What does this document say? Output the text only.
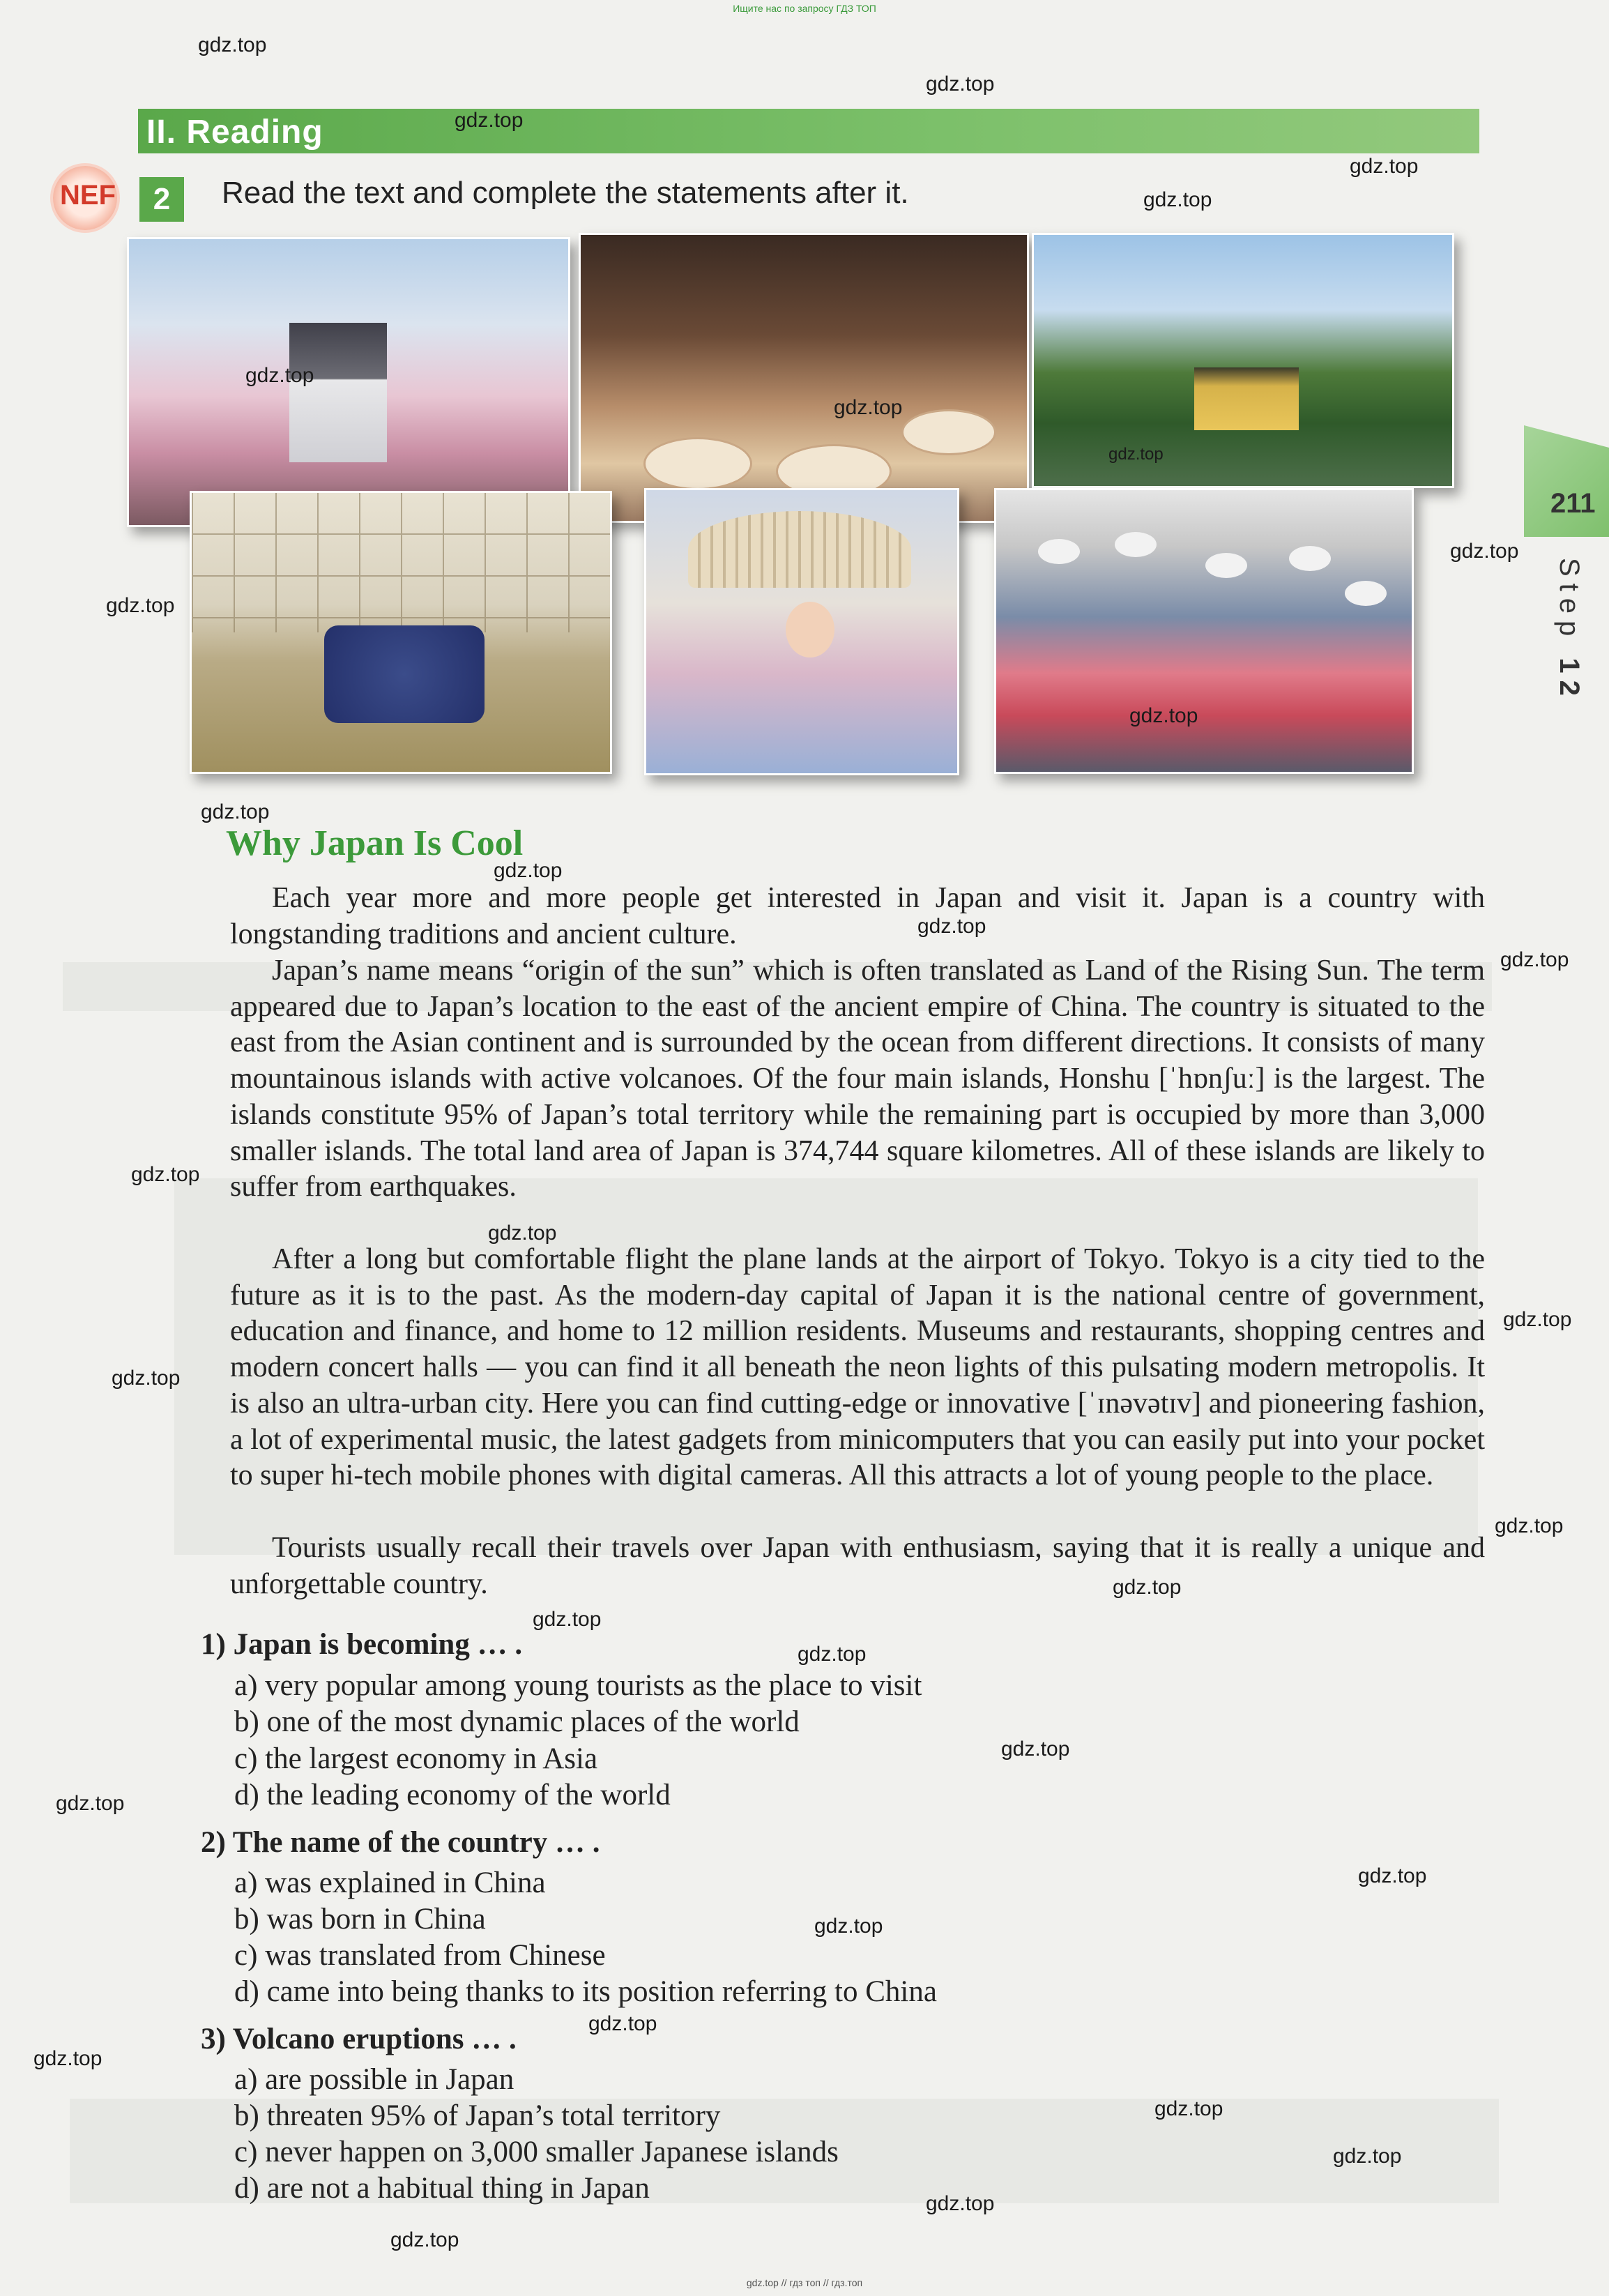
Ищите нас по запросу ГДЗ ТОП
II. Reading
NEF	2	Read the text and complete the statements after it.
211
Step 12
Why Japan Is Cool
Each year more and more people get interested in Japan and visit it. Japan is a country with longstanding traditions and ancient culture.
Japan’s name means “origin of the sun” which is often translated as Land of the Rising Sun. The term appeared due to Japan’s location to the east of the ancient empire of China. The country is situated to the east from the Asian continent and is surrounded by the ocean from different directions. It consists of many mountainous islands with active volcanoes. Of the four main islands, Honshu [ˈhɒnʃuː] is the largest. The islands constitute 95% of Japan’s total territory while the remaining part is occupied by more than 3,000 smaller islands. The total land area of Japan is 374,744 square kilometres. All of these islands are likely to suffer from earthquakes.
After a long but comfortable flight the plane lands at the airport of Tokyo. Tokyo is a city tied to the future as it is to the past. As the modern-day capital of Japan it is the national centre of government, education and finance, and home to 12 million residents. Museums and restaurants, shopping centres and modern concert halls — you can find it all beneath the neon lights of this pulsating modern metropolis. It is also an ultra-urban city. Here you can find cutting-edge or innovative [ˈɪnəvətɪv] and pioneering fashion, a lot of experimental music, the latest gadgets from minicomputers that you can easily put into your pocket to super hi-tech mobile phones with digital cameras. All this attracts a lot of young people to the place.
Tourists usually recall their travels over Japan with enthusiasm, saying that it is really a unique and unforgettable country.
1) Japan is becoming … .
a) very popular among young tourists as the place to visit
b) one of the most dynamic places of the world
c) the largest economy in Asia
d) the leading economy of the world
2) The name of the country … .
a) was explained in China
b) was born in China
c) was translated from Chinese
d) came into being thanks to its position referring to China
3) Volcano eruptions … .
a) are possible in Japan
b) threaten 95% of Japan’s total territory
c) never happen on 3,000 smaller Japanese islands
d) are not a habitual thing in Japan
gdz.top
gdz.top
gdz.top
gdz.top
gdz.top
gdz.top
gdz.top
gdz.top
gdz.top
gdz.top
gdz.top
gdz.top
gdz.top
gdz.top
gdz.top
gdz.top
gdz.top
gdz.top
gdz.top
gdz.top
gdz.top
gdz.top
gdz.top
gdz.top
gdz.top
gdz.top
gdz.top
gdz.top
gdz.top
gdz.top
gdz.top
gdz.top
gdz.top
gdz.top // гдз топ // гдз.топ
